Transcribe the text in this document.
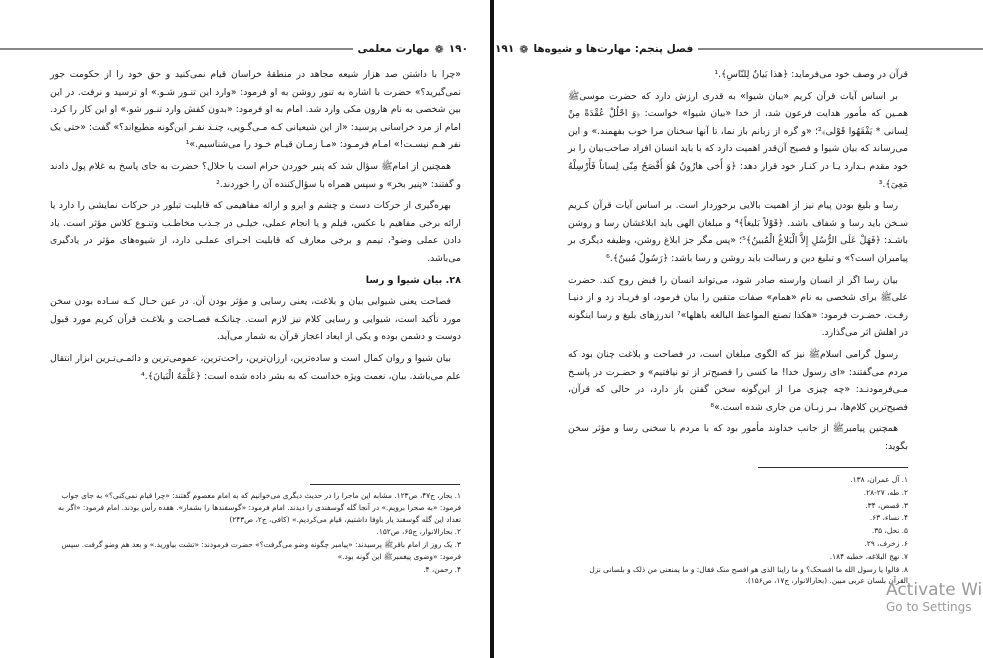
۱۹۰
❁
مهارت معلمی

«چرا با داشتن صد هزار شیعه مجاهد در منطقهٔ خراسان قیام نمی‌کنید و حق خود را از حکومت جور نمی‌گیرید؟» حضرت با اشاره به تنور روشن به او فرمود: «وارد این تنـور شـو.» او ترسید و نرفت. در این بین شخصی به نام هارون مکی وارد شد. امام به او فرمود: «بدون کفش وارد تنـور شو.» او این کار را کرد. امام از مرد خراسانی پرسید: «از این شیعیانی کـه مـی‌گـویی، چنـد نفـر این‌گونه مطیع‌اند؟» گفت: «حتی یک نفر هـم نیسـت!» امـام فرمـود: «مـا زمـان قیـام خـود را می‌شناسیم.»¹

همچنین از امامﷺ سؤال شد که پنیر خوردن حرام است یا حلال؟ حضرت به جای پاسخ به غلام پول دادند و گفتند: «پنیر بخر» و سپس همراه با سؤال‌کننده آن را خوردند.²

بهره‌گیری از حرکات دست و چشم و ابرو و ارائه مفاهیمی که قابلیت تبلور در حرکات نمایشی را دارد یا ارائه برخی مفاهیم با عکس، فیلم و یا انجام عملی، خیلـی در جـذب مخاطـب وتنـوع کلاس مؤثر است. یاد دادن عملی وضو³، تیمم و برخی معارف که قابلیت اجـرای عملـی دارد، از شیوه‌های مؤثر در یادگیری می‌باشد.

۲۸. بیان شیوا و رسا

فصاحت یعنی شیوایی بیان و بلاغت، یعنی رسایی و مؤثر بودن آن. در عین حـال کـه سـاده بودن سخن مورد تأکید است، شیوایی و رسایی کلام نیز لازم است. چنانکـه فصـاحت و بلاغـت قرآن کریم مورد قبول دوست و دشمن بوده و یکی از ابعاد اعجاز قرآن به شمار می‌آید.

بیان شیوا و روان کمال است و ساده‌ترین، ارزان‌ترین، راحت‌ترین، عمومی‌ترین و دائمـی‌تـرین ابزار انتقال علم می‌باشد. بیان، نعمت ویژه خداست که به بشر داده شده است: ﴿عَلَّمَهُ الْبَیانَ﴾.⁴

۱. بحار، ج۴۷، ص۱۲۳. مشابه این ماجرا را در حدیث دیگری می‌خوانیم که به امام معصوم گفتند: «چرا قیام نمی‌کنی؟» به جای جواب فرمود: «به صحرا برویم.» در آنجا گله گوسفندی را دیدند. امام فرمود: «گوسفندها را بشمار». هفده رأس بودند. امام فرمود: «اگر به تعداد این گله گوسفند یار باوفا داشتیم، قیام می‌کردیم.» (کافی، ج۲، ص۲۴۳)
۲. بحارالانوار، ج۶۵، ص۱۵۲.
۳. یک روز از امام باقرﷺ پرسیدند: «پیامبر چگونه وضو می‌گرفت؟» حضرت فرمودند: «تشت بیاورید.» و بعد هم وضو گرفت. سپس فرمود: «وضوی پیغمبرﷺ این گونه بود.»
۴. رحمن، ۴.
فصل پنجم: مهارت‌ها و شیوه‌ها
❁
۱۹۱

قرآن در وصف خود می‌فرماید: ﴿هذا بَیانٌ لِلنّاسِ﴾.¹

بر اساس آیات قرآن کریم «بیان شیوا» به قدری ارزش دارد که حضرت موسیﷺ همـین که مأمور هدایت فرعون شد، از خدا «بیان شیوا» خواست: ﴿وَ احْلُلْ عُقْدَةً مِنْ لِسانی * یَفْقَهُوا قَوْلی﴾²؛ «و گره از زبانم باز نما، تا آنها سخنان مرا خوب بفهمند.» و این می‌رساند که بیان شیوا و فصیح آن‌قدر اهمیت دارد که با باید انسان افراد صاحب‌بیان را بر خود مقدم بـدارد یـا در کنـار خود قرار دهد: ﴿وَ أَخی هارُونُ هُوَ أَفْصَحُ مِنّی لِساناً فَأَرْسِلْهُ مَعِیَ﴾.³

رسا و بلیغ بودن پیام نیز از اهمیت بالایی برخوردار است. بر اساس آیات قرآن کـریم سـخن باید رسا و شفاف باشد. ﴿قَوْلاً بَلیغاً﴾⁴ و مبلغان الهی باید ابلاغشان رسا و روشن باشـد: ﴿فَهَلْ عَلَى الرُّسُلِ إِلاَّ الْبَلاغُ الْمُبینُ﴾⁵؛ «پس مگر جز ابلاغ روشن، وظیفه دیگری بر پیامبران است؟» و تبلیغ دین و رسالت باید روشن و رسا باشد: ﴿رَسُولٌ مُبینٌ﴾.⁶

بیان رسا اگر از انسان وارسته صادر شود، می‌تواند انسان را قبض روح کند. حضرت علیﷺ برای شخصی به نام «همام» صفات متقین را بیان فرمود، او فریـاد زد و از دنیـا رفـت. حضـرت فرمود: «هکذا تصنع المواعظ البالغه باهلها»⁷ اندرزهای بلیغ و رسا اینگونه در اهلش اثر می‌گذارد.

رسول گرامی اسلامﷺ نیز که الگوی مبلغان است، در فصاحت و بلاغت چنان بود که مردم می‌گفتند: «ای رسول خدا! ما کسی را فصیح‌تر از تو نیافتیم» و حضـرت در پاسـخ مـی‌فرمودنـد: «چه چیزی مرا از این‌گونه سخن گفتن باز دارد، در حالی که قرآن، فصیح‌ترین کلام‌ها، بـر زبـان من جاری شده است.»⁸

همچنین پیامبرﷺ از جانب خداوند مأمور بود که با مردم با سخنی رسا و مؤثر سخن بگوید:

۱. آل عمران، ۱۳۸.
۲. طه، ۲۷-۲۸.
۳. قصص، ۳۴.
۴. نساء، ۶۳.
۵. نحل، ۳۵.
۶. زخرف، ۲۹.
۷. نهج البلاغه، خطبه ۱۸۴.
۸. قالوا یا رسول الله ما افصحک؟ و ما راینا الذی هو افصح منک فقال: و ما یمنعنی من ذلک و بلسانی نزل القرآن بلسان عربی مبین. (بحارالانوار، ج۱۷، ص۱۵۶).
Activate Wi
Go to Settings
